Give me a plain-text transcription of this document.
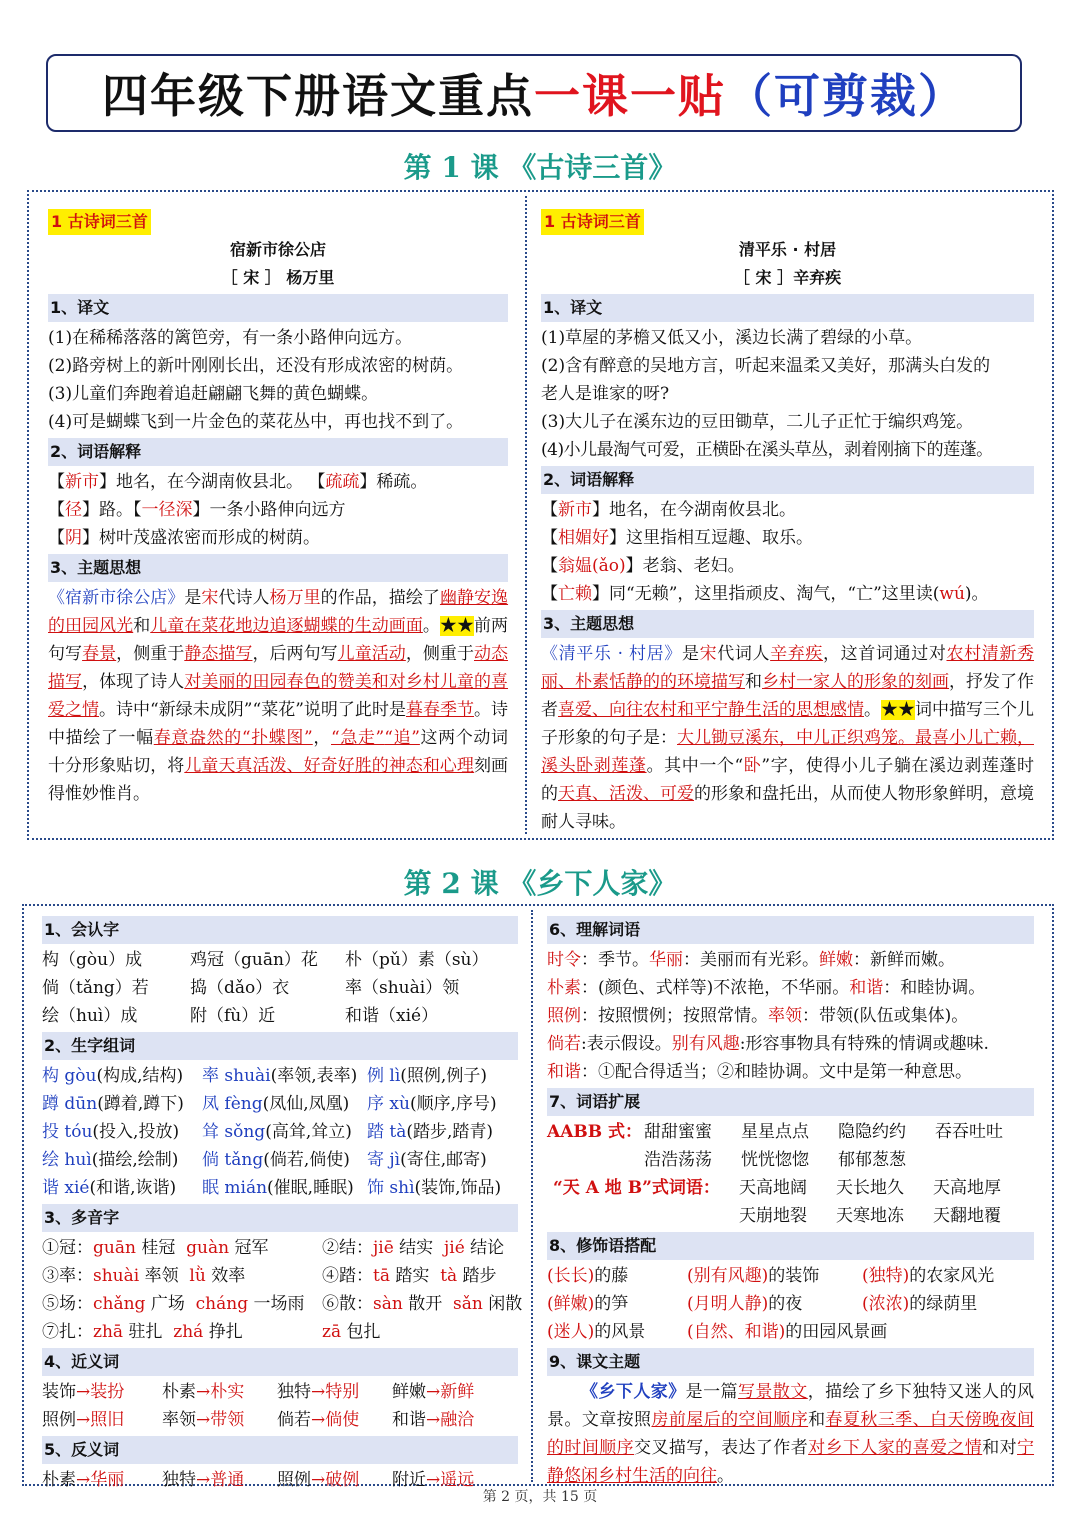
四年级下册语文重点 一课一贴 （可剪裁）
第 1 课 《古诗三首》
1 古诗词三首
宿新市徐公店
［ 宋 ］ 杨万里
1、译文

(1)在稀稀落落的篱笆旁，有一条小路伸向远方。

(2)路旁树上的新叶刚刚长出，还没有形成浓密的树荫。

(3)儿童们奔跑着追赶翩翩飞舞的黄色蝴蝶。

(4)可是蝴蝶飞到一片金色的菜花丛中，再也找不到了。

2、词语解释

【新市】地名，在今湖南攸县北。 【疏疏】稀疏。

【径】路。【一径深】一条小路伸向远方

【阴】树叶茂盛浓密而形成的树荫。

3、主题思想

《宿新市徐公店》是宋代诗人杨万里的作品，描绘了幽静安逸的田园风光和儿童在菜花地边追逐蝴蝶的生动画面。★★前两句写春景，侧重于静态描写，后两句写儿童活动，侧重于动态描写，体现了诗人对美丽的田园春色的赞美和对乡村儿童的喜爱之情。诗中“新绿未成阴”“菜花”说明了此时是暮春季节。诗中描绘了一幅春意盎然的“扑蝶图”，“急走”“追”这两个动词十分形象贴切，将儿童天真活泼、好奇好胜的神态和心理刻画得惟妙惟肖。

1 古诗词三首
清平乐 · 村居
［ 宋 ］辛弃疾
1、译文

(1)草屋的茅檐又低又小，溪边长满了碧绿的小草。

(2)含有醉意的吴地方言，听起来温柔又美好，那满头白发的

老人是谁家的呀?

(3)大儿子在溪东边的豆田锄草，二儿子正忙于编织鸡笼。

(4)小儿最淘气可爱，正横卧在溪头草丛，剥着刚摘下的莲蓬。

2、词语解释

【新市】地名，在今湖南攸县北。

【相媚好】这里指相互逗趣、取乐。

【翁媪(ǎo)】老翁、老妇。

【亡赖】同“无赖”，这里指顽皮、淘气，“亡”这里读(wú)。

3、主题思想

《清平乐 · 村居》是宋代词人辛弃疾，这首词通过对农村清新秀丽、朴素恬静的的环境描写和乡村一家人的形象的刻画，抒发了作者喜爱、向往农村和平宁静生活的思想感情。★★词中描写三个儿子形象的句子是：大儿锄豆溪东，中儿正织鸡笼。最喜小儿亡赖，溪头卧剥莲蓬。其中一个“卧”字，使得小儿子躺在溪边剥莲蓬时的天真、活泼、可爱的形象和盘托出，从而使人物形象鲜明，意境耐人寻味。

第 2 课 《乡下人家》
1、会认字
构（gòu）成	鸡冠（guān）花 朴（pǔ）素（sù）
倘（tǎng）若 捣（dǎo）衣	率（shuài）领
绘（huì）成	附（fù）近	和谐（xié）
2、生字组词
构 gòu(构成,结构) 率 shuài(率领,表率) 例 lì(照例,例子)
蹲 dūn(蹲着,蹲下) 凤 fèng(凤仙,凤凰) 序 xù(顺序,序号)
投 tóu(投入,投放) 耸 sǒng(高耸,耸立) 踏 tà(踏步,踏青)
绘 huì(描绘,绘制) 倘 tǎng(倘若,倘使) 寄 jì(寄住,邮寄)
谐 xié(和谐,诙谐) 眠 mián(催眠,睡眠) 饰 shì(装饰,饰品)
3、多音字
①冠：guān 桂冠  guàn 冠军	②结：jiē 结实  jié 结论
③率：shuài 率领  lǜ 效率	④踏：tā 踏实  tà 踏步
⑤场：chǎng 广场  cháng 一场雨 ⑥散：sàn 散开  sǎn 闲散
⑦扎：zhā 驻扎  zhá 挣扎	zā 包扎
4、近义词
装饰→装扮 朴素→朴实 独特→特别 鲜嫩→新鲜
照例→照旧 率领→带领 倘若→倘使 和谐→融洽
5、反义词
朴素→华丽 独特→普通 照例→破例 附近→遥远
6、理解词语
时令：季节。华丽：美丽而有光彩。鲜嫩：新鲜而嫩。
朴素：(颜色、式样等)不浓艳，不华丽。和谐：和睦协调。
照例：按照惯例；按照常情。率领：带领(队伍或集体)。
倘若:表示假设。别有风趣:形容事物具有特殊的情调或趣味.
和谐：①配合得适当；②和睦协调。文中是第一种意思。
7、词语扩展
AABB 式： 甜甜蜜蜜 星星点点 隐隐约约 吞吞吐吐
浩浩荡荡 恍恍惚惚 郁郁葱葱
“天 A 地 B”式词语： 天高地阔 天长地久 天高地厚
天崩地裂 天寒地冻 天翻地覆
8、修饰语搭配
(长长)的藤	(别有风趣)的装饰	(独特)的农家风光
(鲜嫩)的笋	(月明人静)的夜	(浓浓)的绿荫里
(迷人)的风景 (自然、和谐)的田园风景画
9、课文主题

《乡下人家》是一篇写景散文，描绘了乡下独特又迷人的风景。文章按照房前屋后的空间顺序和春夏秋三季、白天傍晚夜间的时间顺序交叉描写，表达了作者对乡下人家的喜爱之情和对宁静悠闲乡村生活的向往。

第 2 页，共 15 页
